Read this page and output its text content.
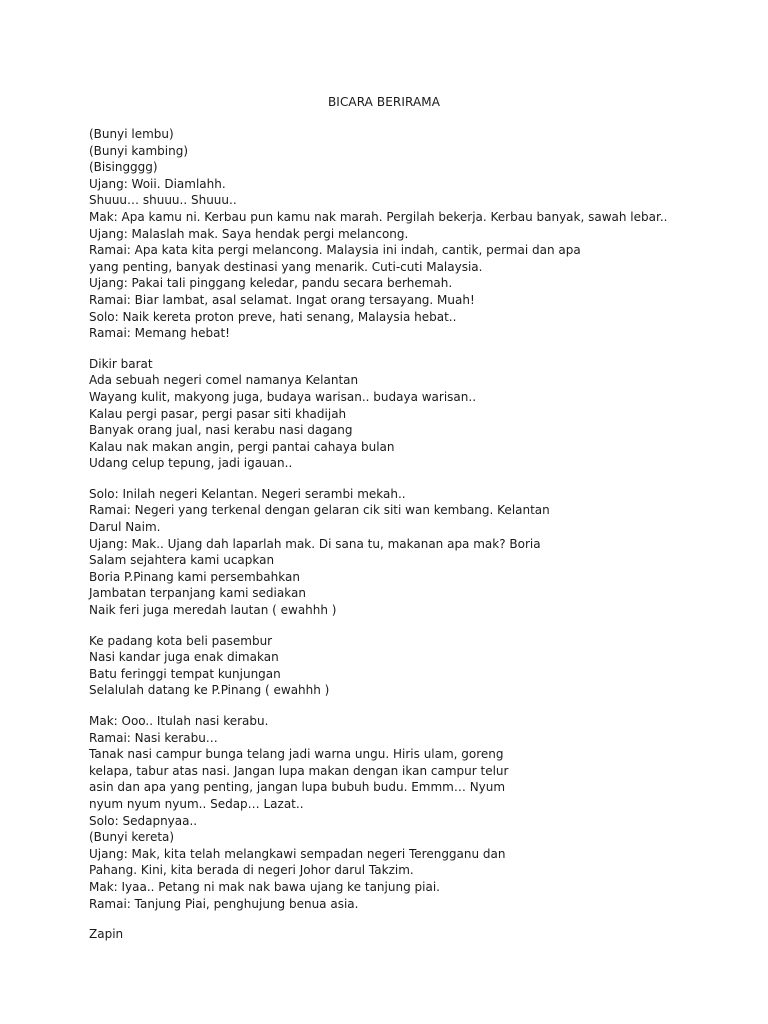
BICARA BERIRAMA
(Bunyi lembu)
(Bunyi kambing)
(Bisingggg)
Ujang: Woii. Diamlahh.
Shuuu… shuuu.. Shuuu..
Mak: Apa kamu ni. Kerbau pun kamu nak marah. Pergilah bekerja. Kerbau banyak, sawah lebar..
Ujang: Malaslah mak. Saya hendak pergi melancong.
Ramai: Apa kata kita pergi melancong. Malaysia ini indah, cantik, permai dan apa
yang penting, banyak destinasi yang menarik. Cuti-cuti Malaysia.
Ujang: Pakai tali pinggang keledar, pandu secara berhemah.
Ramai: Biar lambat, asal selamat. Ingat orang tersayang. Muah!
Solo: Naik kereta proton preve, hati senang, Malaysia hebat..
Ramai: Memang hebat!
Dikir barat
Ada sebuah negeri comel namanya Kelantan
Wayang kulit, makyong juga, budaya warisan.. budaya warisan..
Kalau pergi pasar, pergi pasar siti khadijah
Banyak orang jual, nasi kerabu nasi dagang
Kalau nak makan angin, pergi pantai cahaya bulan
Udang celup tepung, jadi igauan..
Solo: Inilah negeri Kelantan. Negeri serambi mekah..
Ramai: Negeri yang terkenal dengan gelaran cik siti wan kembang. Kelantan
Darul Naim.
Ujang: Mak.. Ujang dah laparlah mak. Di sana tu, makanan apa mak? Boria
Salam sejahtera kami ucapkan
Boria P.Pinang kami persembahkan
Jambatan terpanjang kami sediakan
Naik feri juga meredah lautan ( ewahhh )
Ke padang kota beli pasembur
Nasi kandar juga enak dimakan
Batu feringgi tempat kunjungan
Selalulah datang ke P.Pinang ( ewahhh )
Mak: Ooo.. Itulah nasi kerabu.
Ramai: Nasi kerabu…
Tanak nasi campur bunga telang jadi warna ungu. Hiris ulam, goreng
kelapa, tabur atas nasi. Jangan lupa makan dengan ikan campur telur
asin dan apa yang penting, jangan lupa bubuh budu. Emmm… Nyum
nyum nyum nyum.. Sedap… Lazat..
Solo: Sedapnyaa..
(Bunyi kereta)
Ujang: Mak, kita telah melangkawi sempadan negeri Terengganu dan
Pahang. Kini, kita berada di negeri Johor darul Takzim.
Mak: Iyaa.. Petang ni mak nak bawa ujang ke tanjung piai.
Ramai: Tanjung Piai, penghujung benua asia.
Zapin
